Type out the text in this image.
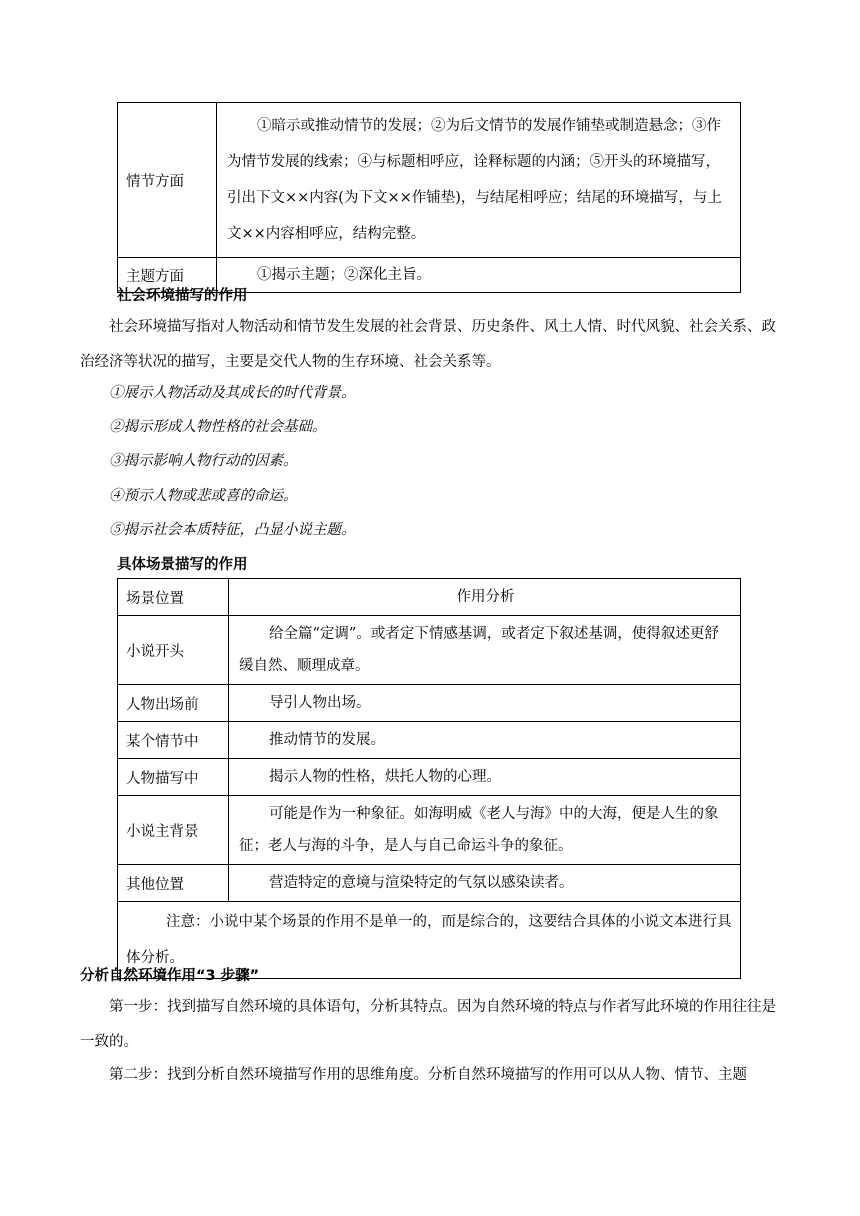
情节方面	①暗示或推动情节的发展；②为后文情节的发展作铺垫或制造悬念；③作为情节发展的线索；④与标题相呼应，诠释标题的内涵；⑤开头的环境描写，引出下文××内容(为下文××作铺垫)，与结尾相呼应；结尾的环境描写，与上文××内容相呼应，结构完整。
主题方面	①揭示主题；②深化主旨。
社会环境描写的作用
社会环境描写指对人物活动和情节发生发展的社会背景、历史条件、风土人情、时代风貌、社会关系、政治经济等状况的描写，主要是交代人物的生存环境、社会关系等。
①展示人物活动及其成长的时代背景。
②揭示形成人物性格的社会基础。
③揭示影响人物行动的因素。
④预示人物或悲或喜的命运。
⑤揭示社会本质特征，凸显小说主题。
具体场景描写的作用
场景位置	作用分析
小说开头	给全篇“定调”。或者定下情感基调，或者定下叙述基调，使得叙述更舒缓自然、顺理成章。
人物出场前	导引人物出场。
某个情节中	推动情节的发展。
人物描写中	揭示人物的性格，烘托人物的心理。
小说主背景	可能是作为一种象征。如海明威《老人与海》中的大海，便是人生的象征；老人与海的斗争，是人与自己命运斗争的象征。
其他位置	营造特定的意境与渲染特定的气氛以感染读者。
注意：小说中某个场景的作用不是单一的，而是综合的，这要结合具体的小说文本进行具体分析。	
分析自然环境作用“3 步骤”
第一步：找到描写自然环境的具体语句，分析其特点。因为自然环境的特点与作者写此环境的作用往往是一致的。
第二步：找到分析自然环境描写作用的思维角度。分析自然环境描写的作用可以从人物、情节、主题
